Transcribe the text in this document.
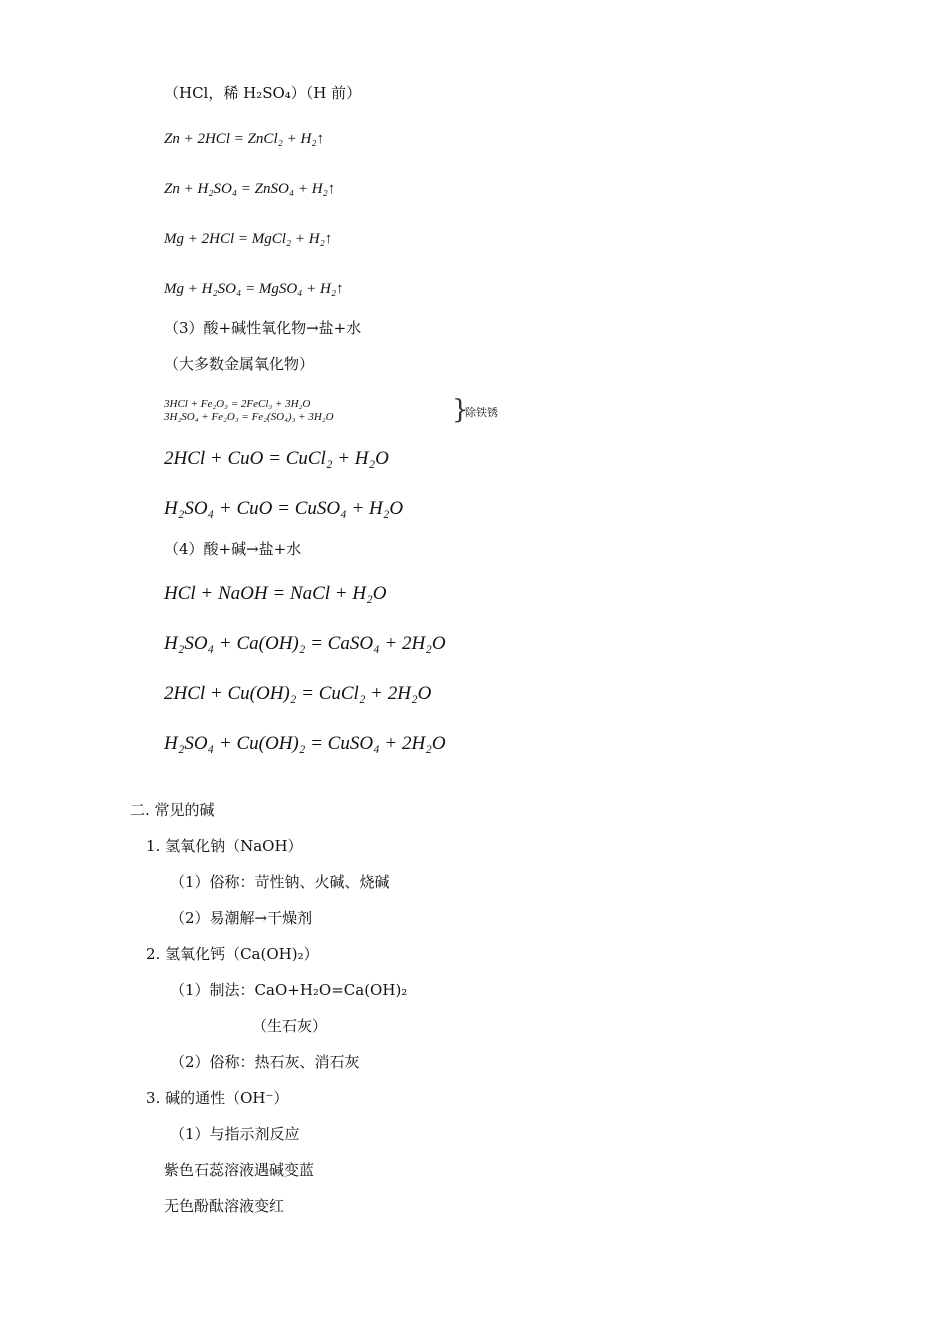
（HCl，稀 H₂SO₄）（H 前）
Zn + 2HCl = ZnCl₂ + H₂↑
Zn + H₂SO₄ = ZnSO₄ + H₂↑
Mg + 2HCl = MgCl₂ + H₂↑
Mg + H₂SO₄ = MgSO₄ + H₂↑
（3）酸+碱性氧化物→盐+水
（大多数金属氧化物）
3HCl + Fe₂O₃ = 2FeCl₃ + 3H₂O
3H₂SO₄ + Fe₂O₃ = Fe₂(SO₄)₃ + 3H₂O	}
除铁锈
2HCl + CuO = CuCl₂ + H₂O
H₂SO₄ + CuO = CuSO₄ + H₂O
（4）酸+碱→盐+水
HCl + NaOH = NaCl + H₂O
H₂SO₄ + Ca(OH)₂ = CaSO₄ + 2H₂O
2HCl + Cu(OH)₂ = CuCl₂ + 2H₂O
H₂SO₄ + Cu(OH)₂ = CuSO₄ + 2H₂O
二. 常见的碱
1. 氢氧化钠（NaOH）
（1）俗称：苛性钠、火碱、烧碱
（2）易潮解→干燥剂
2. 氢氧化钙（Ca(OH)₂）
（1）制法：CaO+H₂O=Ca(OH)₂
（生石灰）
（2）俗称：热石灰、消石灰
3. 碱的通性（OH⁻）
（1）与指示剂反应
紫色石蕊溶液遇碱变蓝
无色酚酞溶液变红
